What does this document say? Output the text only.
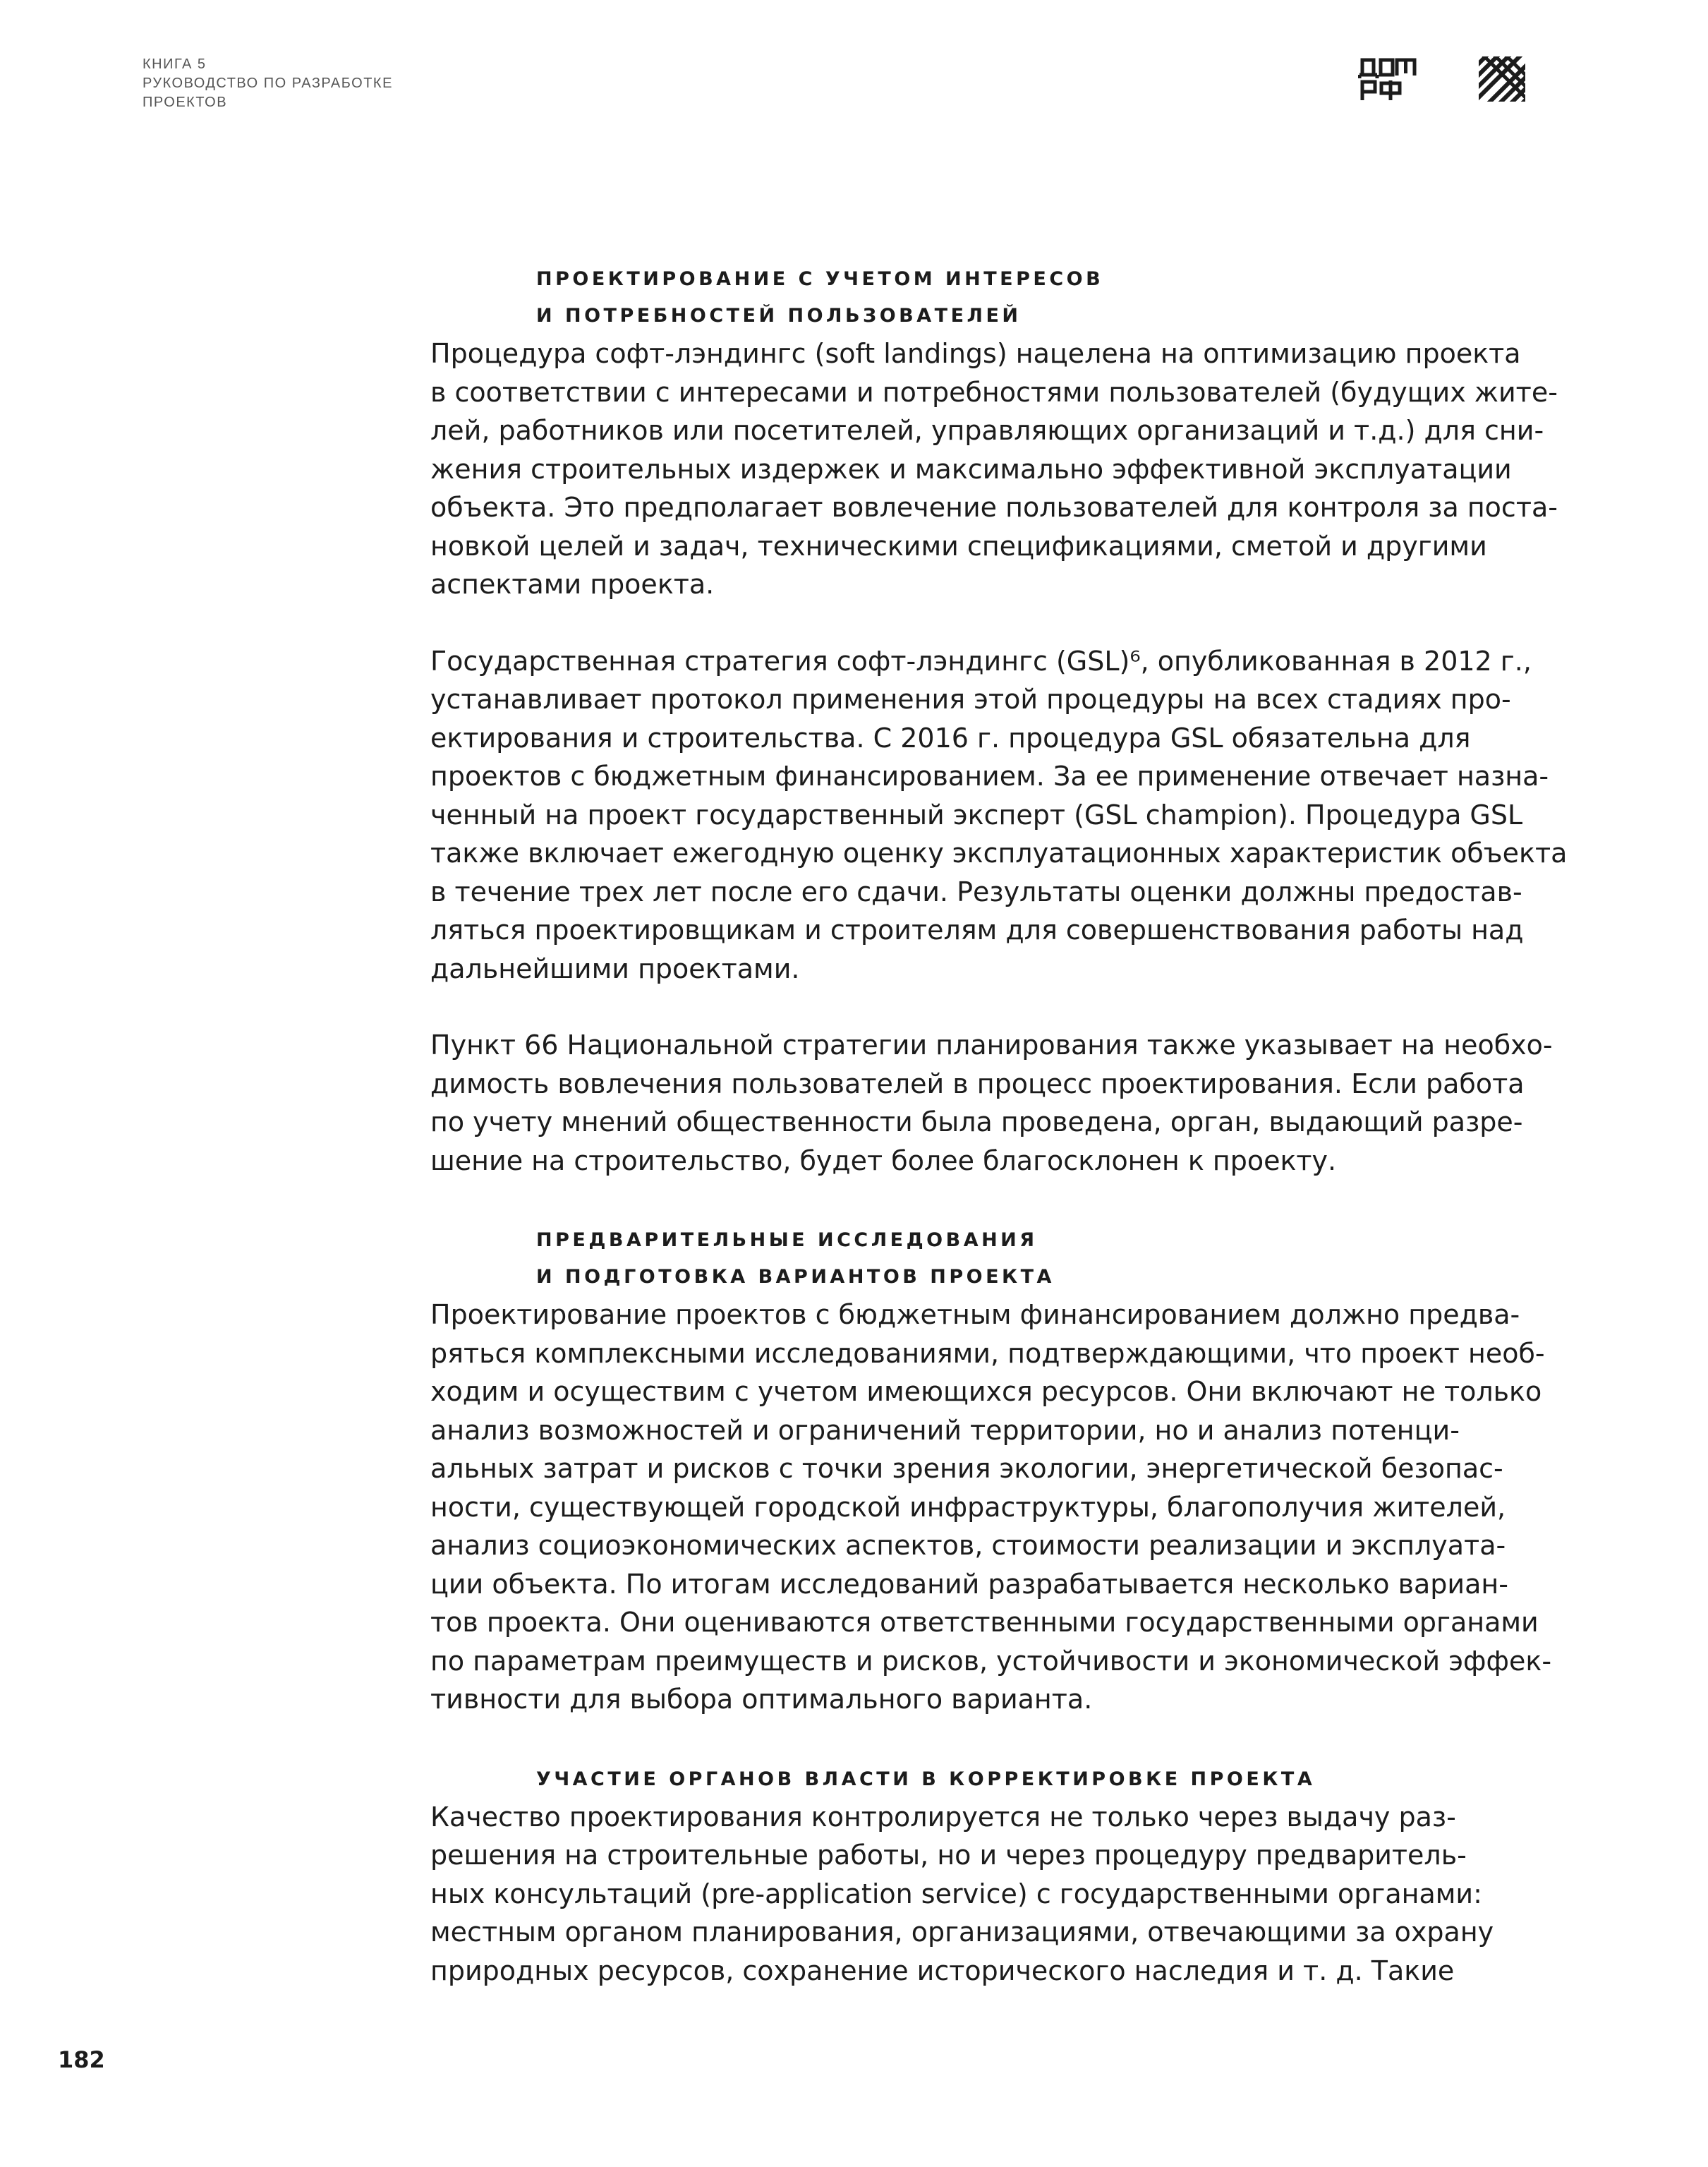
КНИГА 5
РУКОВОДСТВО ПО РАЗРАБОТКЕ
ПРОЕКТОВ
ПРОЕКТИРОВАНИЕ С УЧЕТОМ ИНТЕРЕСОВ
И ПОТРЕБНОСТЕЙ ПОЛЬЗОВАТЕЛЕЙ
Процедура софт-лэндингс (soft landings) нацелена на оптимизацию проекта
в соответствии с интересами и потребностями пользователей (будущих жите-
лей, работников или посетителей, управляющих организаций и т.д.) для сни-
жения строительных издержек и максимально эффективной эксплуатации
объекта. Это предполагает вовлечение пользователей для контроля за поста-
новкой целей и задач, техническими спецификациями, сметой и другими
аспектами проекта.
Государственная стратегия софт-лэндингс (GSL)⁶, опубликованная в 2012 г.,
устанавливает протокол применения этой процедуры на всех стадиях про-
ектирования и строительства. С 2016 г. процедура GSL обязательна для
проектов с бюджетным финансированием. За ее применение отвечает назна-
ченный на проект государственный эксперт (GSL champion). Процедура GSL
также включает ежегодную оценку эксплуатационных характеристик объекта
в течение трех лет после его сдачи. Результаты оценки должны предостав-
ляться проектировщикам и строителям для совершенствования работы над
дальнейшими проектами.
Пункт 66 Национальной стратегии планирования также указывает на необхо-
димость вовлечения пользователей в процесс проектирования. Если работа
по учету мнений общественности была проведена, орган, выдающий разре-
шение на строительство, будет более благосклонен к проекту.
ПРЕДВАРИТЕЛЬНЫЕ ИССЛЕДОВАНИЯ
И ПОДГОТОВКА ВАРИАНТОВ ПРОЕКТА
Проектирование проектов с бюджетным финансированием должно предва-
ряться комплексными исследованиями, подтверждающими, что проект необ-
ходим и осуществим с учетом имеющихся ресурсов. Они включают не только
анализ возможностей и ограничений территории, но и анализ потенци-
альных затрат и рисков с точки зрения экологии, энергетической безопас-
ности, существующей городской инфраструктуры, благополучия жителей,
анализ социоэкономических аспектов, стоимости реализации и эксплуата-
ции объекта. По итогам исследований разрабатывается несколько вариан-
тов проекта. Они оцениваются ответственными государственными органами
по параметрам преимуществ и рисков, устойчивости и экономической эффек-
тивности для выбора оптимального варианта.
УЧАСТИЕ ОРГАНОВ ВЛАСТИ В КОРРЕКТИРОВКЕ ПРОЕКТА
Качество проектирования контролируется не только через выдачу раз-
решения на строительные работы, но и через процедуру предваритель-
ных консультаций (pre-application service) с государственными органами:
местным органом планирования, организациями, отвечающими за охрану
природных ресурсов, сохранение исторического наследия и т. д. Такие
182
